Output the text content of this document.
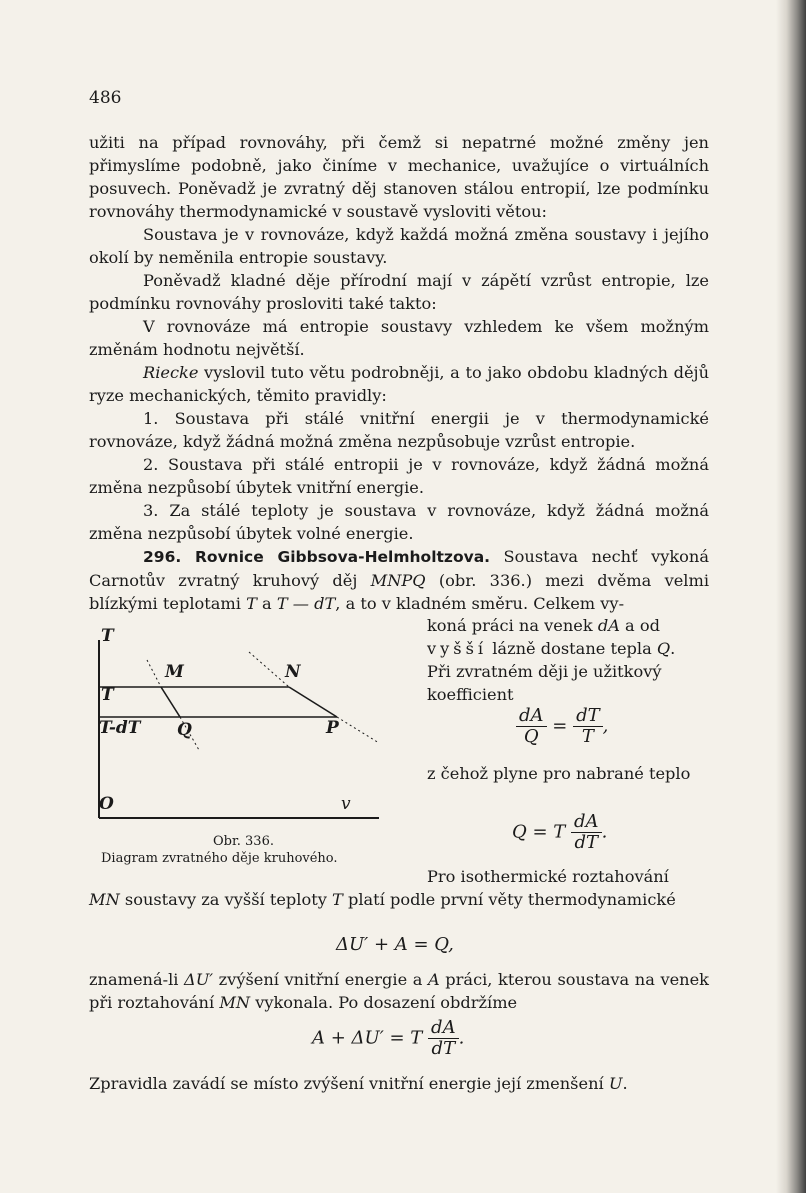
486

užiti na případ rovnováhy, při čemž si nepatrné možné změny jen přimyslíme podobně, jako činíme v mechanice, uvažujíce o virtuálních posuvech. Poněvadž je zvratný děj stanoven stálou entropií, lze podmínku rovnováhy thermodynamické v soustavě vysloviti větou:

Soustava je v rovnováze, když každá možná změna soustavy i jejího okolí by neměnila entropie soustavy.

Poněvadž kladné děje přírodní mají v zápětí vzrůst entropie, lze podmínku rovnováhy prosloviti také takto:

V rovnováze má entropie soustavy vzhledem ke všem možným změnám hodnotu největší.

Riecke vyslovil tuto větu podrobněji, a to jako obdobu kladných dějů ryze mechanických, těmito pravidly:

1. Soustava při stálé vnitřní energii je v thermodynamické rovnováze, když žádná možná změna nezpůsobuje vzrůst entropie.

2. Soustava při stálé entropii je v rovnováze, když žádná možná změna nezpůsobí úbytek vnitřní energie.

3. Za stálé teploty je soustava v rovnováze, když žádná možná změna nezpůsobí úbytek volné energie.

296. Rovnice Gibbsova-Helmholtzova. Soustava nechť vykoná Carnotův zvratný kruhový děj MNPQ (obr. 336.) mezi dvěma velmi blízkými teplotami T a T — dT, a to v kladném směru. Celkem vy-

T
M	N
T
T-dT Q	P
O	v
Obr. 336.
Diagram zvratného děje kruhového.
koná práci na venek dA a od
vyšší lázně dostane tepla Q.
Při zvratném ději je užitkový koefficient
$\frac{dA}{Q} = \frac{dT}{T}$ ,
z čehož plyne pro nabrané teplo
Q = T $\frac{dA}{dT}$ .

Pro isothermické roztahování

MN soustavy za vyšší teploty T platí podle první věty thermodynamické

ΔU′ + A = Q,

znamená-li ΔU′ zvýšení vnitřní energie a A práci, kterou soustava na venek při roztahování MN vykonala. Po dosazení obdržíme

A + ΔU′ = T $\frac{dA}{dT}$ .

Zpravidla zavádí se místo zvýšení vnitřní energie její zmenšení U.
